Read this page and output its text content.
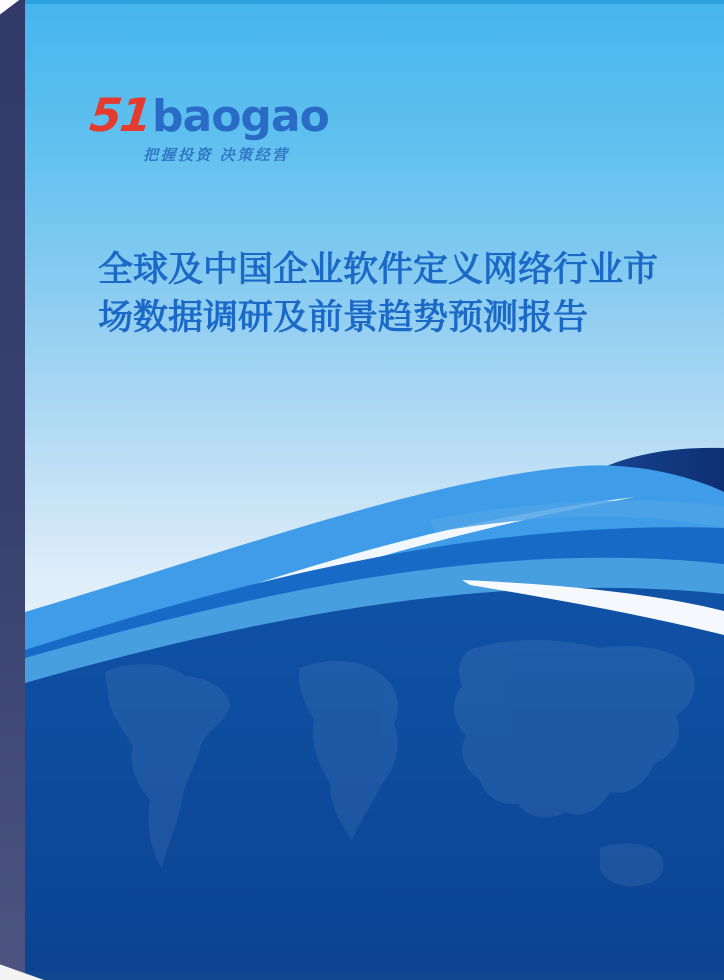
51baogao
把握投资 决策经营
全球及中国企业软件定义网络行业市
场数据调研及前景趋势预测报告
